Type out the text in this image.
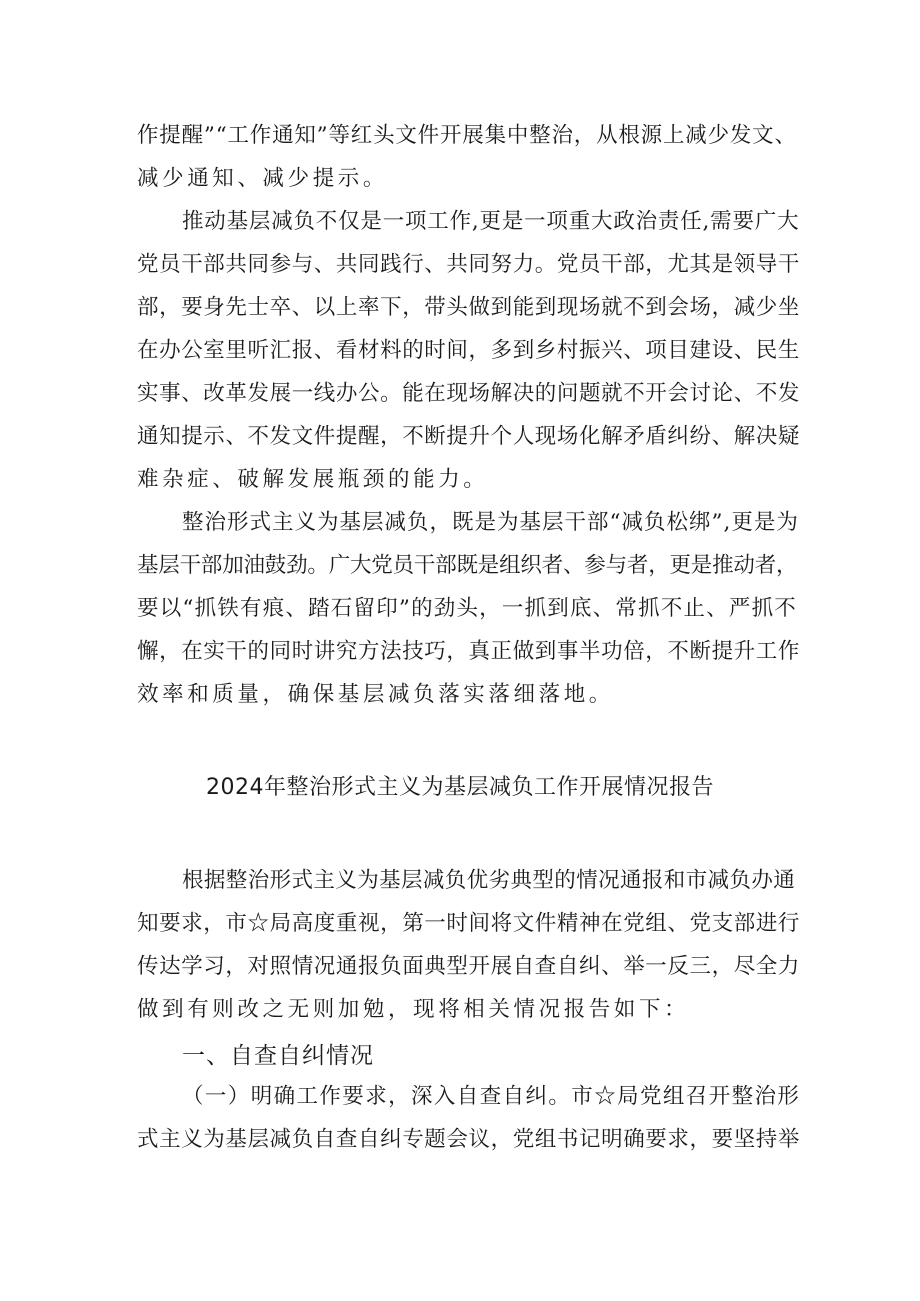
作提醒”“工作通知”等红头文件开展集中整治，从根源上减少发文、
减少通知、减少提示。
推动基层减负不仅是一项工作,更是一项重大政治责任,需要广大
党员干部共同参与、共同践行、共同努力。党员干部，尤其是领导干
部，要身先士卒、以上率下，带头做到能到现场就不到会场，减少坐
在办公室里听汇报、看材料的时间，多到乡村振兴、项目建设、民生
实事、改革发展一线办公。能在现场解决的问题就不开会讨论、不发
通知提示、不发文件提醒，不断提升个人现场化解矛盾纠纷、解决疑
难杂症、破解发展瓶颈的能力。
整治形式主义为基层减负，既是为基层干部“减负松绑”,更是为
基层干部加油鼓劲。广大党员干部既是组织者、参与者，更是推动者，
要以“抓铁有痕、踏石留印”的劲头，一抓到底、常抓不止、严抓不
懈，在实干的同时讲究方法技巧，真正做到事半功倍，不断提升工作
效率和质量，确保基层减负落实落细落地。
2024年整治形式主义为基层减负工作开展情况报告
根据整治形式主义为基层减负优劣典型的情况通报和市减负办通
知要求，市☆局高度重视，第一时间将文件精神在党组、党支部进行
传达学习，对照情况通报负面典型开展自查自纠、举一反三，尽全力
做到有则改之无则加勉，现将相关情况报告如下：
一、自查自纠情况
（一）明确工作要求，深入自查自纠。市☆局党组召开整治形
式主义为基层减负自查自纠专题会议，党组书记明确要求，要坚持举
